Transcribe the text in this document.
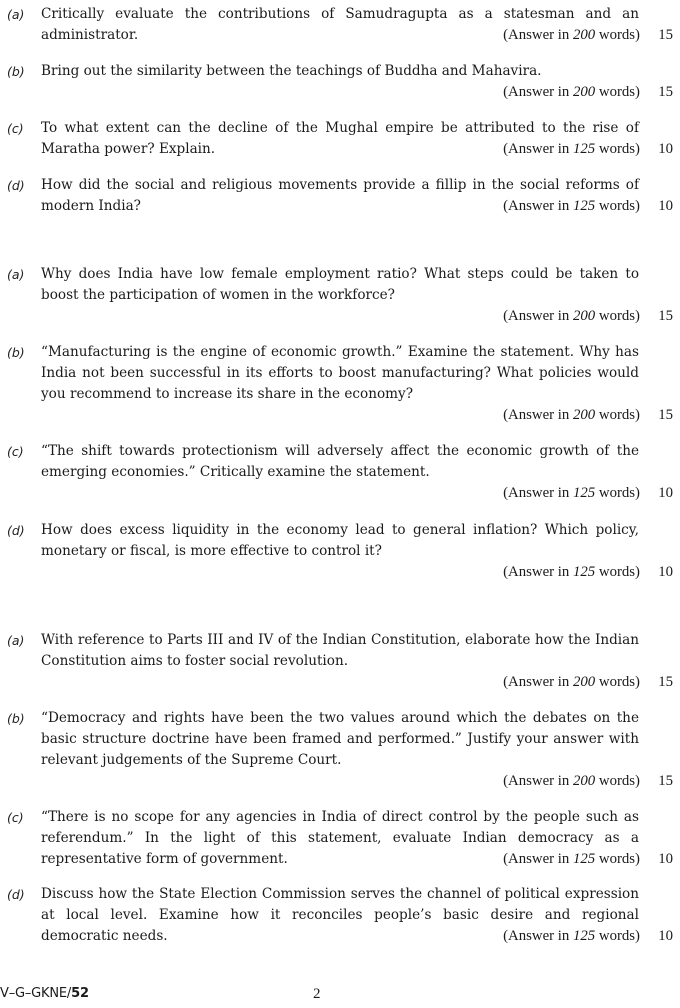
(a) Critically evaluate the contributions of Samudragupta as a statesman and an administrator.	(Answer in 200 words) 15
(b) Bring out the similarity between the teachings of Buddha and Mahavira.
(Answer in 200 words) 15
(c) To what extent can the decline of the Mughal empire be attributed to the rise of Maratha power? Explain.	(Answer in 125 words) 10
(d) How did the social and religious movements provide a fillip in the social reforms of modern India?	(Answer in 125 words) 10
(a) Why does India have low female employment ratio? What steps could be taken to boost the participation of women in the workforce?
(Answer in 200 words) 15
(b) “Manufacturing is the engine of economic growth.” Examine the statement. Why has India not been successful in its efforts to boost manufacturing? What policies would you recommend to increase its share in the economy?
(Answer in 200 words) 15
(c) “The shift towards protectionism will adversely affect the economic growth of the emerging economies.” Critically examine the statement.
(Answer in 125 words) 10
(d) How does excess liquidity in the economy lead to general inflation? Which policy, monetary or fiscal, is more effective to control it?
(Answer in 125 words) 10
(a) With reference to Parts III and IV of the Indian Constitution, elaborate how the Indian Constitution aims to foster social revolution.
(Answer in 200 words) 15
(b) “Democracy and rights have been the two values around which the debates on the basic structure doctrine have been framed and performed.” Justify your answer with relevant judgements of the Supreme Court.
(Answer in 200 words) 15
(c) “There is no scope for any agencies in India of direct control by the people such as referendum.” In the light of this statement, evaluate Indian democracy as a representative form of government.	(Answer in 125 words) 10
(d) Discuss how the State Election Commission serves the channel of political expression at local level. Examine how it reconciles people’s basic desire and regional democratic needs.	(Answer in 125 words) 10
V–G–GKNE/52	2
